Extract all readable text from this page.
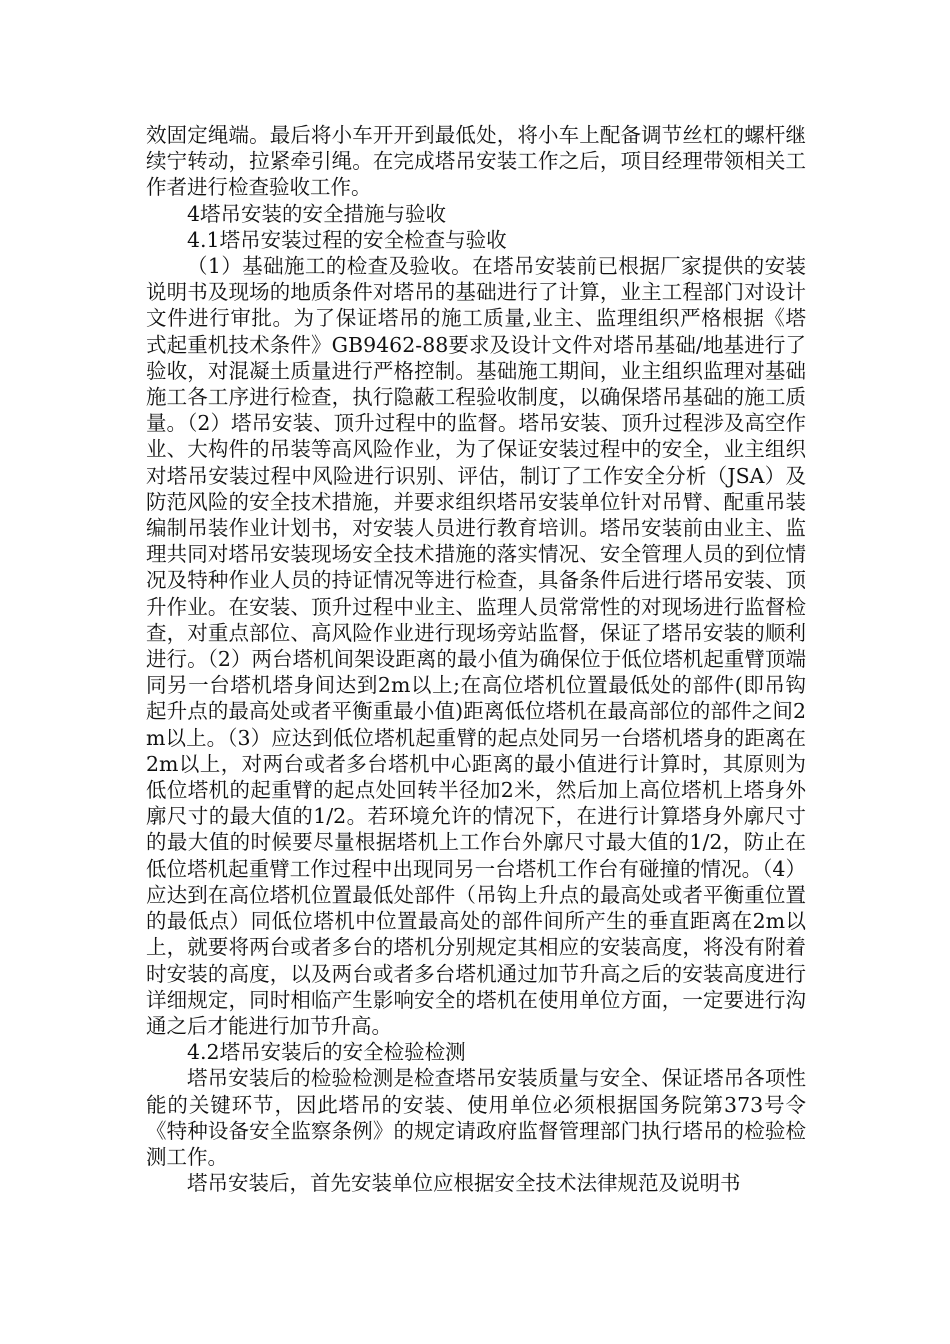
效固定绳端。最后将小车开开到最低处，将小车上配备调节丝杠的螺杆继续宁转动，拉紧牵引绳。在完成塔吊安装工作之后，项目经理带领相关工作者进行检查验收工作。

4塔吊安装的安全措施与验收

4.1塔吊安装过程的安全检查与验收

（1）基础施工的检查及验收。在塔吊安装前已根据厂家提供的安装说明书及现场的地质条件对塔吊的基础进行了计算，业主工程部门对设计文件进行审批。为了保证塔吊的施工质量,业主、监理组织严格根据《塔式起重机技术条件》GB9462-88要求及设计文件对塔吊基础/地基进行了验收，对混凝土质量进行严格控制。基础施工期间，业主组织监理对基础施工各工序进行检查，执行隐蔽工程验收制度，以确保塔吊基础的施工质量。（2）塔吊安装、顶升过程中的监督。塔吊安装、顶升过程涉及高空作业、大构件的吊装等高风险作业，为了保证安装过程中的安全，业主组织对塔吊安装过程中风险进行识别、评估，制订了工作安全分析（JSA）及防范风险的安全技术措施，并要求组织塔吊安装单位针对吊臂、配重吊装编制吊装作业计划书，对安装人员进行教育培训。塔吊安装前由业主、监理共同对塔吊安装现场安全技术措施的落实情况、安全管理人员的到位情况及特种作业人员的持证情况等进行检查，具备条件后进行塔吊安装、顶升作业。在安装、顶升过程中业主、监理人员常常性的对现场进行监督检查，对重点部位、高风险作业进行现场旁站监督，保证了塔吊安装的顺利进行。（2）两台塔机间架设距离的最小值为确保位于低位塔机起重臂顶端同另一台塔机塔身间达到2m以上;在高位塔机位置最低处的部件(即吊钩起升点的最高处或者平衡重最小值)距离低位塔机在最高部位的部件之间2m以上。（3）应达到低位塔机起重臂的起点处同另一台塔机塔身的距离在2m以上，对两台或者多台塔机中心距离的最小值进行计算时，其原则为低位塔机的起重臂的起点处回转半径加2米，然后加上高位塔机上塔身外廓尺寸的最大值的1/2。若环境允许的情况下，在进行计算塔身外廓尺寸的最大值的时候要尽量根据塔机上工作台外廓尺寸最大值的1/2，防止在低位塔机起重臂工作过程中出现同另一台塔机工作台有碰撞的情况。（4）应达到在高位塔机位置最低处部件（吊钩上升点的最高处或者平衡重位置的最低点）同低位塔机中位置最高处的部件间所产生的垂直距离在2m以上，就要将两台或者多台的塔机分别规定其相应的安装高度，将没有附着时安装的高度，以及两台或者多台塔机通过加节升高之后的安装高度进行详细规定，同时相临产生影响安全的塔机在使用单位方面，一定要进行沟通之后才能进行加节升高。

4.2塔吊安装后的安全检验检测

塔吊安装后的检验检测是检查塔吊安装质量与安全、保证塔吊各项性能的关键环节，因此塔吊的安装、使用单位必须根据国务院第373号令《特种设备安全监察条例》的规定请政府监督管理部门执行塔吊的检验检测工作。

塔吊安装后，首先安装单位应根据安全技术法律规范及说明书
